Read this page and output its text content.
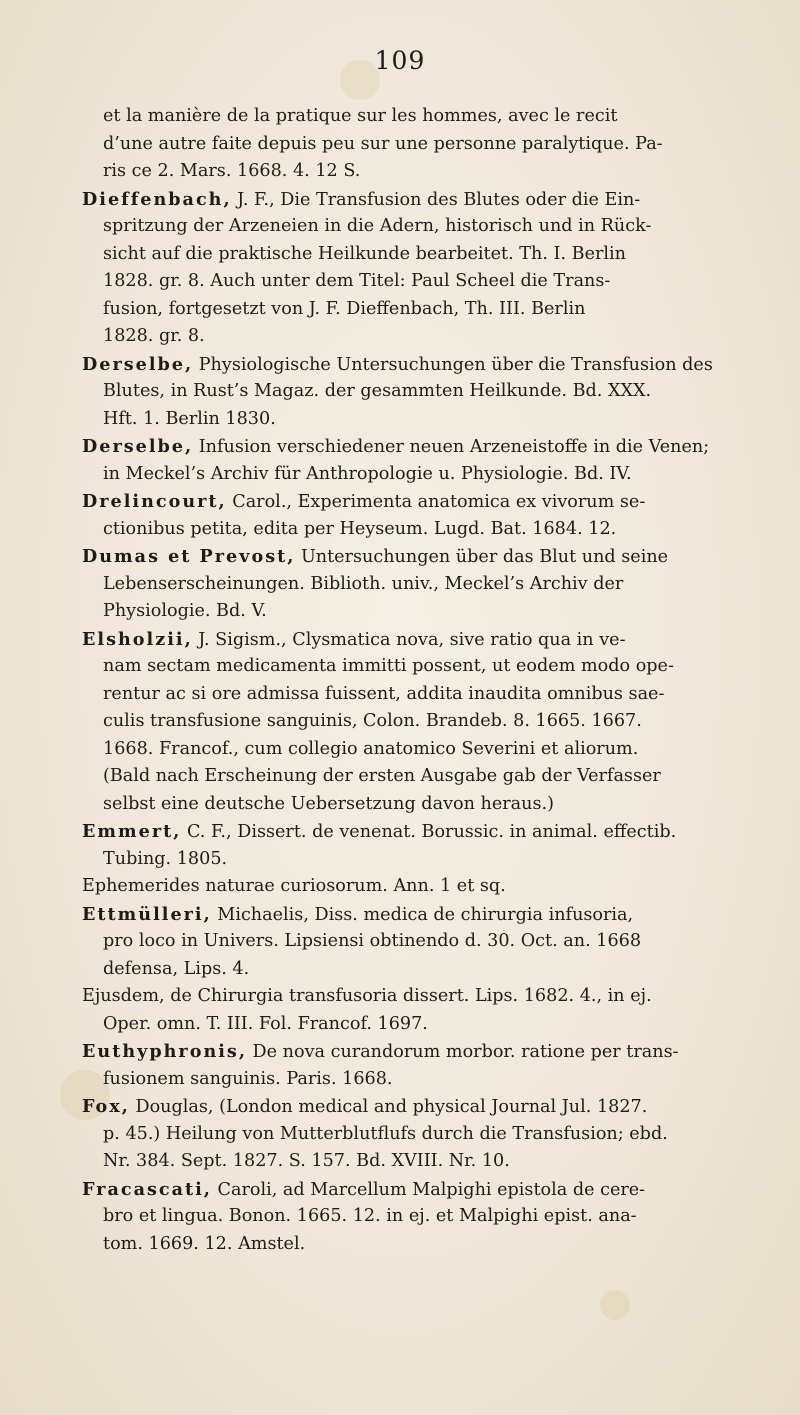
109
et la manière de la pratique sur les hommes, avec le recit
d’une autre faite depuis peu sur une personne paralytique. Pa-
ris ce 2. Mars. 1668. 4. 12 S.
Dieffenbach, J. F., Die Transfusion des Blutes oder die Ein-
spritzung der Arzeneien in die Adern, historisch und in Rück-
sicht auf die praktische Heilkunde bearbeitet. Th. I. Berlin
1828. gr. 8. Auch unter dem Titel: Paul Scheel die Trans-
fusion, fortgesetzt von J. F. Dieffenbach, Th. III. Berlin
1828. gr. 8.
Derselbe, Physiologische Untersuchungen über die Transfusion des
Blutes, in Rust’s Magaz. der gesammten Heilkunde. Bd. XXX.
Hft. 1. Berlin 1830.
Derselbe, Infusion verschiedener neuen Arzeneistoffe in die Venen;
in Meckel’s Archiv für Anthropologie u. Physiologie. Bd. IV.
Drelincourt, Carol., Experimenta anatomica ex vivorum se-
ctionibus petita, edita per Heyseum. Lugd. Bat. 1684. 12.
Dumas et Prevost, Untersuchungen über das Blut und seine
Lebenserscheinungen. Biblioth. univ., Meckel’s Archiv der
Physiologie. Bd. V.
Elsholzii, J. Sigism., Clysmatica nova, sive ratio qua in ve-
nam sectam medicamenta immitti possent, ut eodem modo ope-
rentur ac si ore admissa fuissent, addita inaudita omnibus sae-
culis transfusione sanguinis, Colon. Brandeb. 8. 1665. 1667.
1668. Francof., cum collegio anatomico Severini et aliorum.
(Bald nach Erscheinung der ersten Ausgabe gab der Verfasser
selbst eine deutsche Uebersetzung davon heraus.)
Emmert, C. F., Dissert. de venenat. Borussic. in animal. effectib.
Tubing. 1805.
Ephemerides naturae curiosorum. Ann. 1 et sq.
Ettmülleri, Michaelis, Diss. medica de chirurgia infusoria,
pro loco in Univers. Lipsiensi obtinendo d. 30. Oct. an. 1668
defensa, Lips. 4.
Ejusdem, de Chirurgia transfusoria dissert. Lips. 1682. 4., in ej.
Oper. omn. T. III. Fol. Francof. 1697.
Euthyphronis, De nova curandorum morbor. ratione per trans-
fusionem sanguinis. Paris. 1668.
Fox, Douglas, (London medical and physical Journal Jul. 1827.
p. 45.) Heilung von Mutterblutflufs durch die Transfusion; ebd.
Nr. 384. Sept. 1827. S. 157. Bd. XVIII. Nr. 10.
Fracascati, Caroli, ad Marcellum Malpighi epistola de cere-
bro et lingua. Bonon. 1665. 12. in ej. et Malpighi epist. ana-
tom. 1669. 12. Amstel.
